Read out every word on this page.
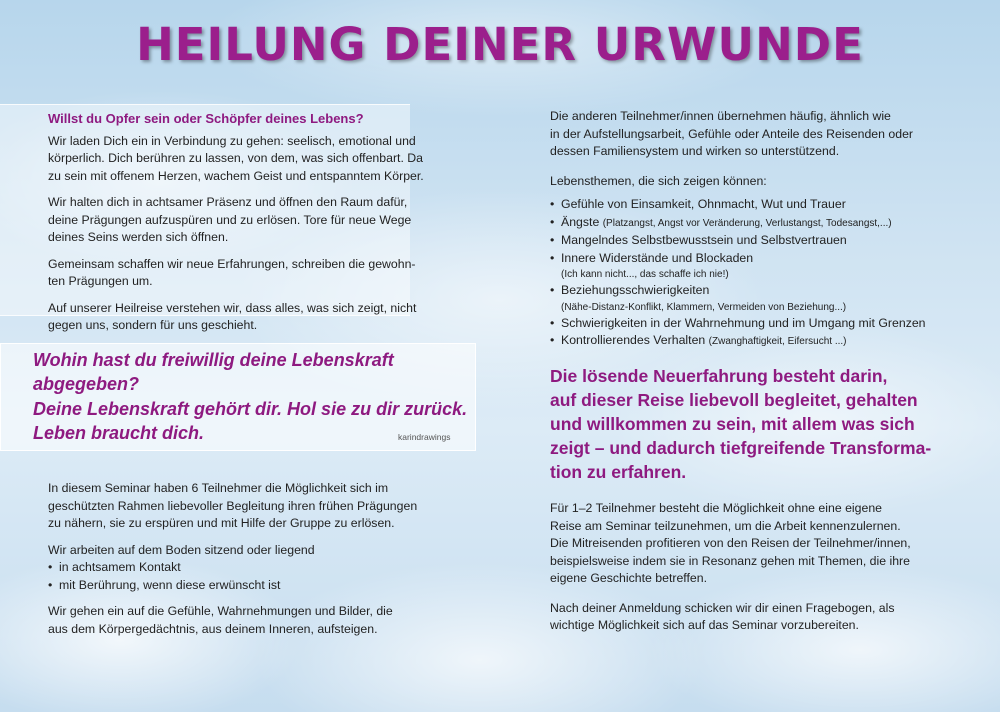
HEILUNG DEINER URWUNDE

Willst du Opfer sein oder Schöpfer deines Lebens?

Wir laden Dich ein in Verbindung zu gehen: seelisch, emotional und
körperlich. Dich berühren zu lassen, von dem, was sich offenbart. Da
zu sein mit offenem Herzen, wachem Geist und entspanntem Körper.

Wir halten dich in achtsamer Präsenz und öffnen den Raum dafür,
deine Prägungen aufzuspüren und zu erlösen. Tore für neue Wege
deines Seins werden sich öffnen.

Gemeinsam schaffen wir neue Erfahrungen, schreiben die gewohn-
ten Prägungen um.

Auf unserer Heilreise verstehen wir, dass alles, was sich zeigt, nicht
gegen uns, sondern für uns geschieht.

Wohin hast du freiwillig deine Lebenskraft

abgegeben?

Deine Lebenskraft gehört dir. Hol sie zu dir zurück.

Leben braucht dich.	karindrawings

In diesem Seminar haben 6 Teilnehmer die Möglichkeit sich im
geschützten Rahmen liebevoller Begleitung ihren frühen Prägungen
zu nähern, sie zu erspüren und mit Hilfe der Gruppe zu erlösen.

Wir arbeiten auf dem Boden sitzend oder liegend

• in achtsamem Kontakt
• mit Berührung, wenn diese erwünscht ist

Wir gehen ein auf die Gefühle, Wahrnehmungen und Bilder, die
aus dem Körpergedächtnis, aus deinem Inneren, aufsteigen.

Die anderen Teilnehmer/innen übernehmen häufig, ähnlich wie
in der Aufstellungsarbeit, Gefühle oder Anteile des Reisenden oder
dessen Familiensystem und wirken so unterstützend.

Lebensthemen, die sich zeigen können:

• Gefühle von Einsamkeit, Ohnmacht, Wut und Trauer
• Ängste (Platzangst, Angst vor Veränderung, Verlustangst, Todesangst,...)
• Mangelndes Selbstbewusstsein und Selbstvertrauen
• Innere Widerstände und Blockaden
(Ich kann nicht..., das schaffe ich nie!)
• Beziehungsschwierigkeiten
(Nähe-Distanz-Konflikt, Klammern, Vermeiden von Beziehung...)
• Schwierigkeiten in der Wahrnehmung und im Umgang mit Grenzen
• Kontrollierendes Verhalten (Zwanghaftigkeit, Eifersucht ...)

Die lösende Neuerfahrung besteht darin,
auf dieser Reise liebevoll begleitet, gehalten
und willkommen zu sein, mit allem was sich
zeigt – und dadurch tiefgreifende Transforma-
tion zu erfahren.

Für 1–2 Teilnehmer besteht die Möglichkeit ohne eine eigene
Reise am Seminar teilzunehmen, um die Arbeit kennenzulernen.
Die Mitreisenden profitieren von den Reisen der Teilnehmer/innen,
beispielsweise indem sie in Resonanz gehen mit Themen, die ihre
eigene Geschichte betreffen.

Nach deiner Anmeldung schicken wir dir einen Fragebogen, als
wichtige Möglichkeit sich auf das Seminar vorzubereiten.
